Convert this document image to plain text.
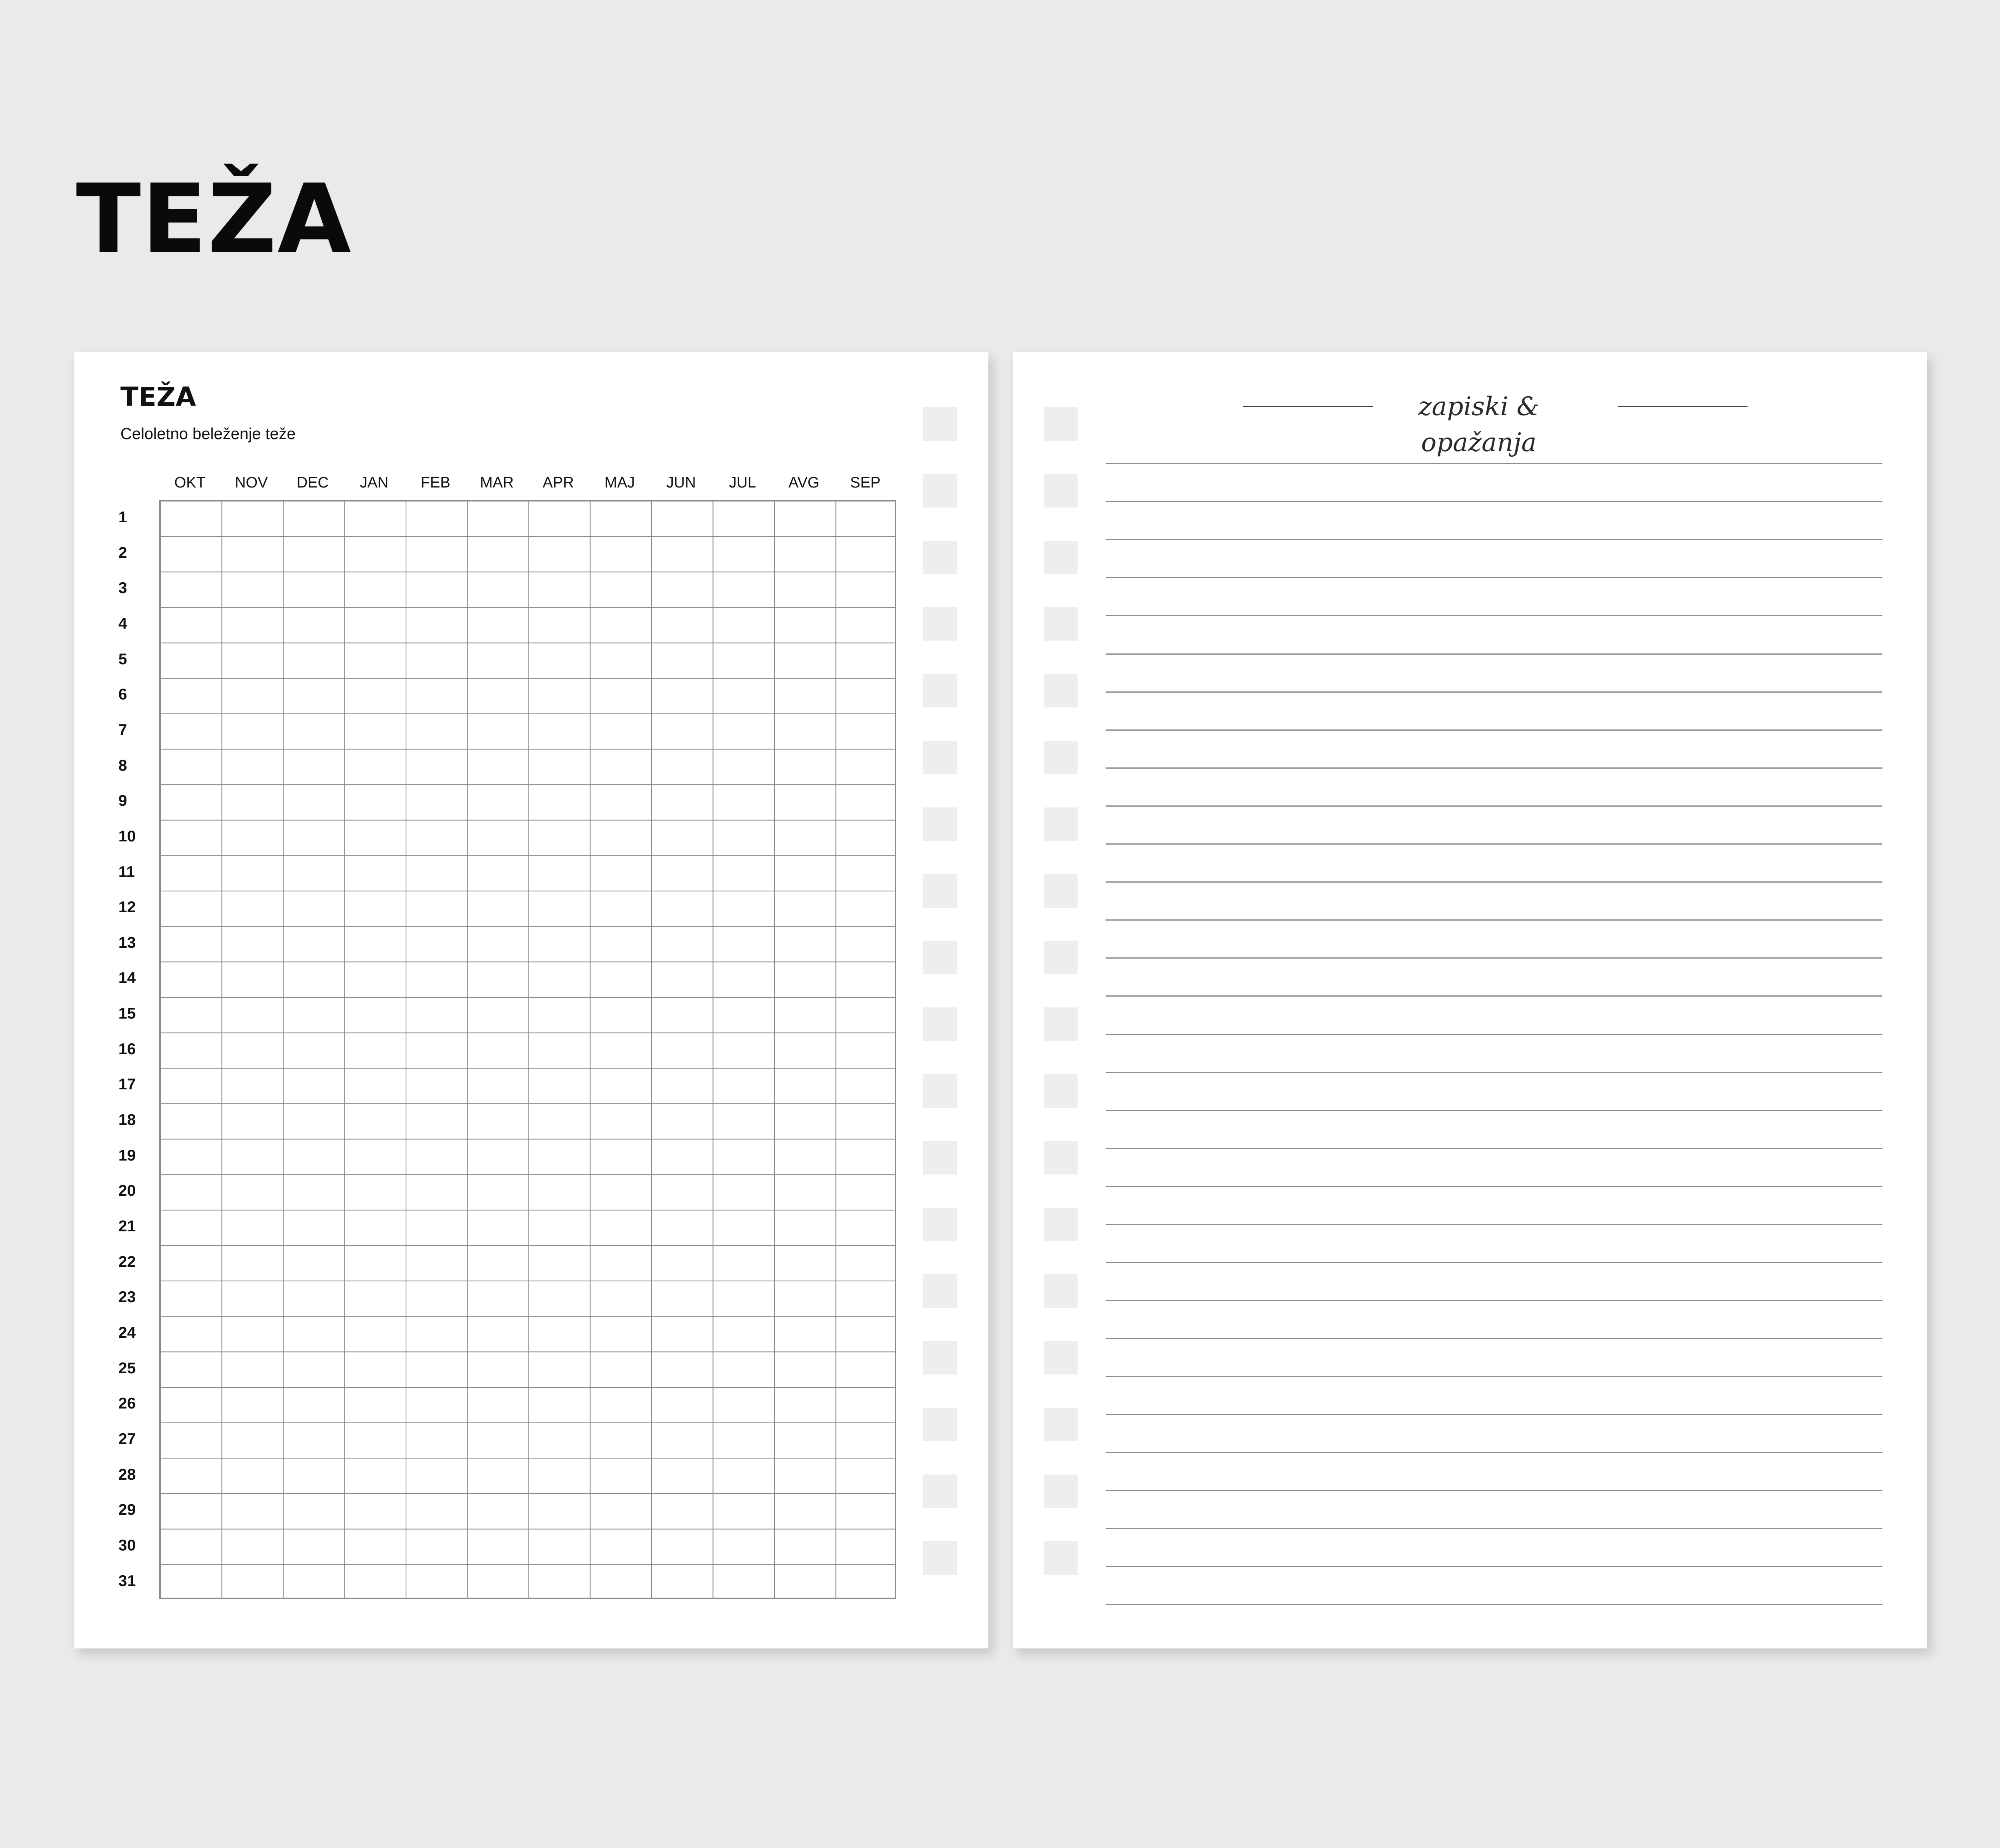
TEŽA
TEŽA
Celoletno beleženje teže
OKT	NOV	DEC	JAN	FEB	MAR	APR	MAJ	JUN	JUL	AVG	SEP
1
2
3
4
5
6
7
8
9
10
11
12
13
14
15
16
17
18
19
20
21
22
23
24
25
26
27
28
29
30
31
zapiski & opažanja
